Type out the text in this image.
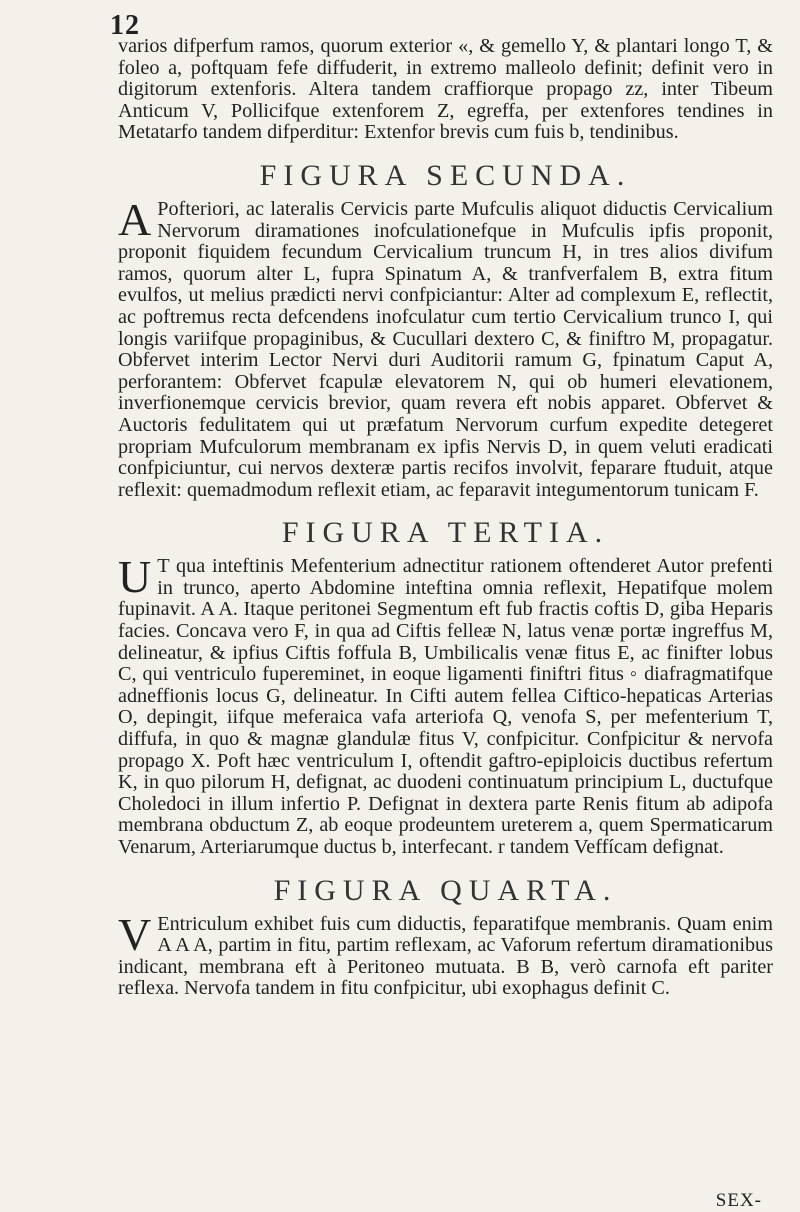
12

varios difperfum ramos, quorum exterior «, & gemello Y, & plantari longo T, & foleo a, poftquam fefe diffuderit, in extremo malleolo definit; definit vero in digitorum extenforis. Altera tandem craffiorque propago zz, inter Tibeum Anticum V, Pollicifque extenforem Z, egreffa, per extenfores tendines in Metatarfo tandem difperditur: Extenfor brevis cum fuis b, tendinibus.

FIGURA SECUNDA.
A Pofteriori, ac lateralis Cervicis parte Mufculis aliquot diductis Cervicalium Nervorum diramationes inofculationefque in Mufculis ipfis proponit, proponit fiquidem fecundum Cervicalium truncum H, in tres alios divifum ramos, quorum alter L, fupra Spinatum A, & tranfverfalem B, extra fitum evulfos, ut melius prædicti nervi confpiciantur: Alter ad complexum E, reflectit, ac poftremus recta defcendens inofculatur cum tertio Cervicalium trunco I, qui longis variifque propaginibus, & Cucullari dextero C, & finiftro M, propagatur. Obfervet interim Lector Nervi duri Auditorii ramum G, fpinatum Caput A, perforantem: Obfervet fcapulæ elevatorem N, qui ob humeri elevationem, inverfionemque cervicis brevior, quam revera eft nobis apparet. Obfervet & Auctoris fedulitatem qui ut præfatum Nervorum curfum expedite detegeret propriam Mufculorum membranam ex ipfis Nervis D, in quem veluti eradicati confpiciuntur, cui nervos dexteræ partis recifos involvit, feparare ftuduit, atque reflexit: quemadmodum reflexit etiam, ac feparavit integumentorum tunicam F.

FIGURA TERTIA.
U T qua inteftinis Mefenterium adnectitur rationem oftenderet Autor prefenti in trunco, aperto Abdomine inteftina omnia reflexit, Hepatifque molem fupinavit. A A. Itaque peritonei Segmentum eft fub fractis coftis D, giba Heparis facies. Concava vero F, in qua ad Ciftis felleæ N, latus venæ portæ ingreffus M, delineatur, & ipfius Ciftis foffula B, Umbilicalis venæ fitus E, ac finifter lobus C, qui ventriculo fupereminet, in eoque ligamenti finiftri fitus ◦ diafragmatifque adneffionis locus G, delineatur. In Cifti autem fellea Ciftico-hepaticas Arterias O, depingit, iifque meferaica vafa arteriofa Q, venofa S, per mefenterium T, diffufa, in quo & magnæ glandulæ fitus V, confpicitur. Confpicitur & nervofa propago X. Poft hæc ventriculum I, oftendit gaftro-epiploicis ductibus refertum K, in quo pilorum H, defignat, ac duodeni continuatum principium L, ductufque Choledoci in illum infertio P. Defignat in dextera parte Renis fitum ab adipofa membrana obductum Z, ab eoque prodeuntem ureterem a, quem Spermaticarum Venarum, Arteriarumque ductus b, interfecant. r tandem Veffícam defignat.

FIGURA QUARTA.
V Entriculum exhibet fuis cum diductis, feparatifque membranis. Quam enim A A A, partim in fitu, partim reflexam, ac Vaforum refertum diramationibus indicant, membrana eft à Peritoneo mutuata. B B, verò carnofa eft pariter reflexa. Nervofa tandem in fitu confpicitur, ubi exophagus definit C.

SEX-
